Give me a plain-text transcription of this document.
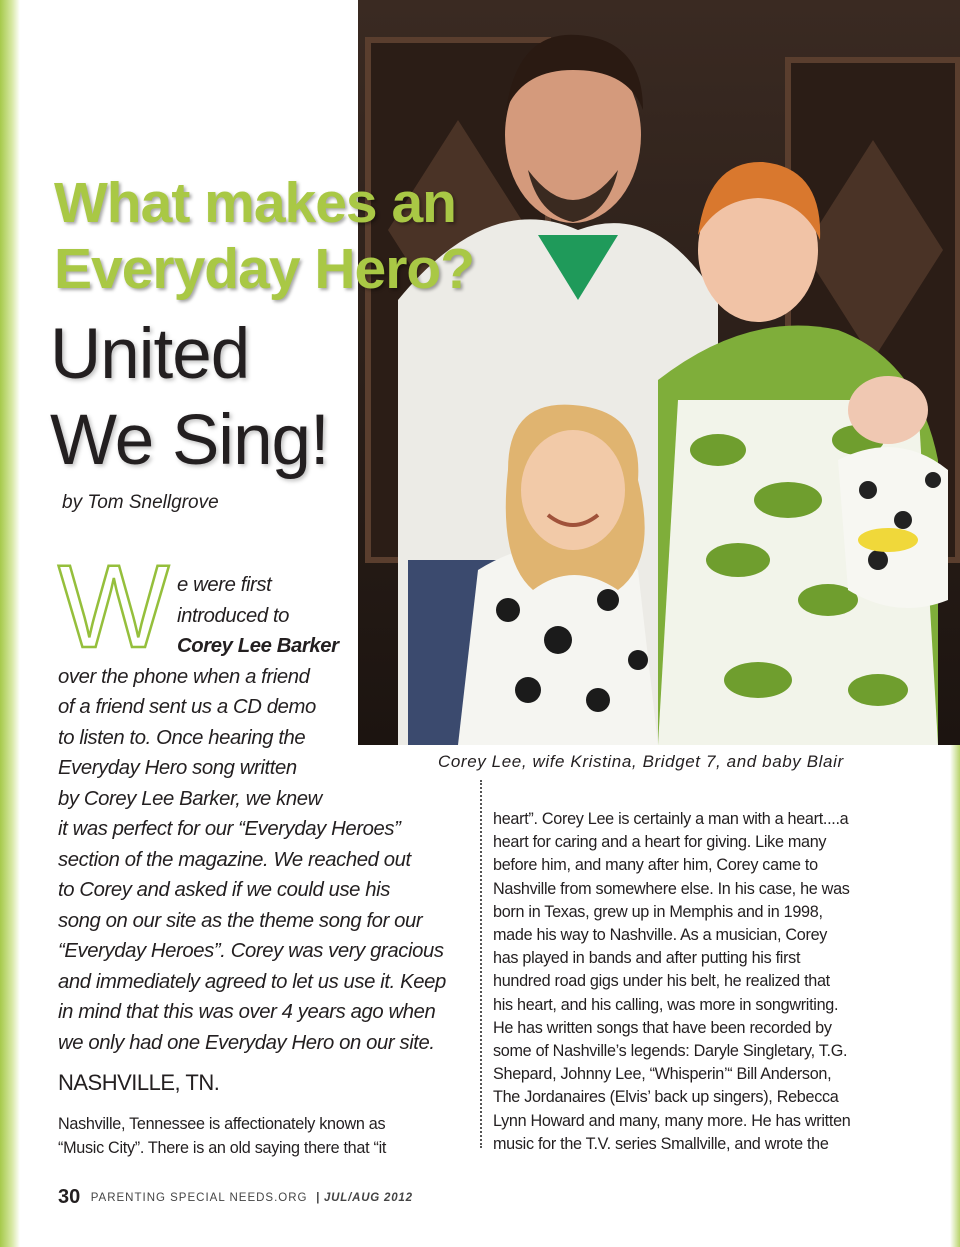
What makes an
Everyday Hero?
United
We Sing!
by Tom Snellgrove
W e were first
introduced to
Corey Lee Barker
over the phone when a friend
of a friend sent us a CD demo
to listen to. Once hearing the
Everyday Hero song written
by Corey Lee Barker, we knew
it was perfect for our “Everyday Heroes”
section of the magazine. We reached out
to Corey and asked if we could use his
song on our site as the theme song for our
“Everyday Heroes”. Corey was very gracious
and immediately agreed to let us use it. Keep
in mind that this was over 4 years ago when
we only had one Everyday Hero on our site.
Corey Lee, wife Kristina, Bridget 7, and baby Blair
NASHVILLE, TN.
Nashville, Tennessee is affectionately known as
“Music City”. There is an old saying there that “it
heart”. Corey Lee is certainly a man with a heart....a
heart for caring and a heart for giving. Like many
before him, and many after him, Corey came to
Nashville from somewhere else. In his case, he was
born in Texas, grew up in Memphis and in 1998,
made his way to Nashville. As a musician, Corey
has played in bands and after putting his first
hundred road gigs under his belt, he realized that
his heart, and his calling, was more in songwriting.
He has written songs that have been recorded by
some of Nashville’s legends: Daryle Singletary, T.G.
Shepard, Johnny Lee, “Whisperin’“ Bill Anderson,
The Jordanaires (Elvis’ back up singers), Rebecca
Lynn Howard and many, many more. He has written
music for the T.V. series Smallville, and wrote the
30 PARENTING SPECIAL NEEDS.ORG | JUL/AUG 2012
